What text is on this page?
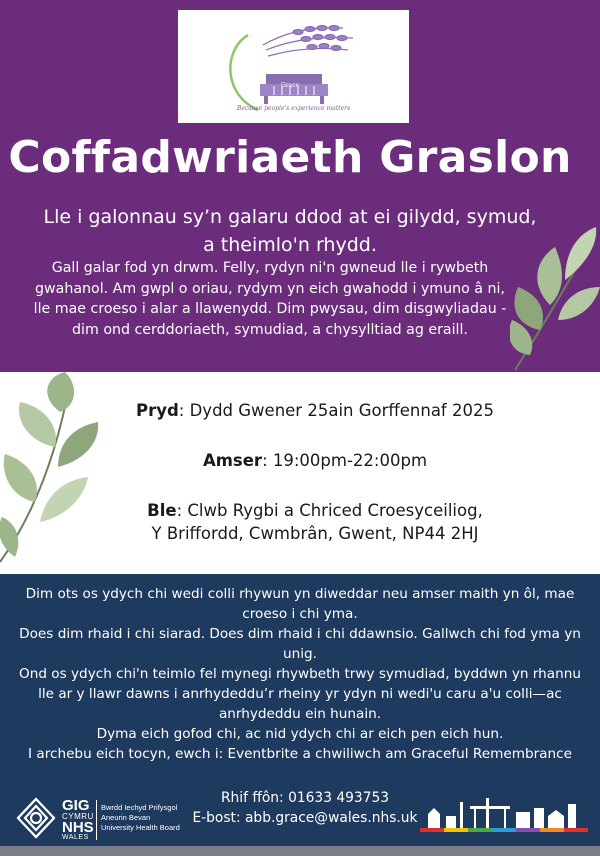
Grace
Because people's experience matters
Coffadwriaeth Graslon
Lle i galonnau sy’n galaru ddod at ei gilydd, symud,
a theimlo'n rhydd.
Gall galar fod yn drwm. Felly, rydyn ni'n gwneud lle i rywbeth
gwahanol. Am gwpl o oriau, rydym yn eich gwahodd i ymuno â ni,
lle mae croeso i alar a llawenydd. Dim pwysau, dim disgwyliadau -
dim ond cerddoriaeth, symudiad, a chysylltiad ag eraill.
Pryd: Dydd Gwener 25ain Gorffennaf 2025
Amser: 19:00pm-22:00pm
Ble: Clwb Rygbi a Chriced Croesyceiliog,
Y Briffordd, Cwmbrân, Gwent, NP44 2HJ

Dim ots os ydych chi wedi colli rhywun yn diweddar neu amser maith yn ôl, mae

croeso i chi yma.

Does dim rhaid i chi siarad. Does dim rhaid i chi ddawnsio. Gallwch chi fod yma yn

unig.

Ond os ydych chi'n teimlo fel mynegi rhywbeth trwy symudiad, byddwn yn rhannu

lle ar y llawr dawns i anrhydeddu’r rheiny yr ydyn ni wedi'u caru a'u colli—ac

anrhydeddu ein hunain.

Dyma eich gofod chi, ac nid ydych chi ar eich pen eich hun.

I archebu eich tocyn, ewch i: Eventbrite a chwiliwch am Graceful Remembrance

GIG
CYMRU
NHS
WALES
Bwrdd Iechyd Prifysgol
Aneurin Bevan
University Health Board
Rhif ffôn: 01633 493753
E-bost: abb.grace@wales.nhs.uk
